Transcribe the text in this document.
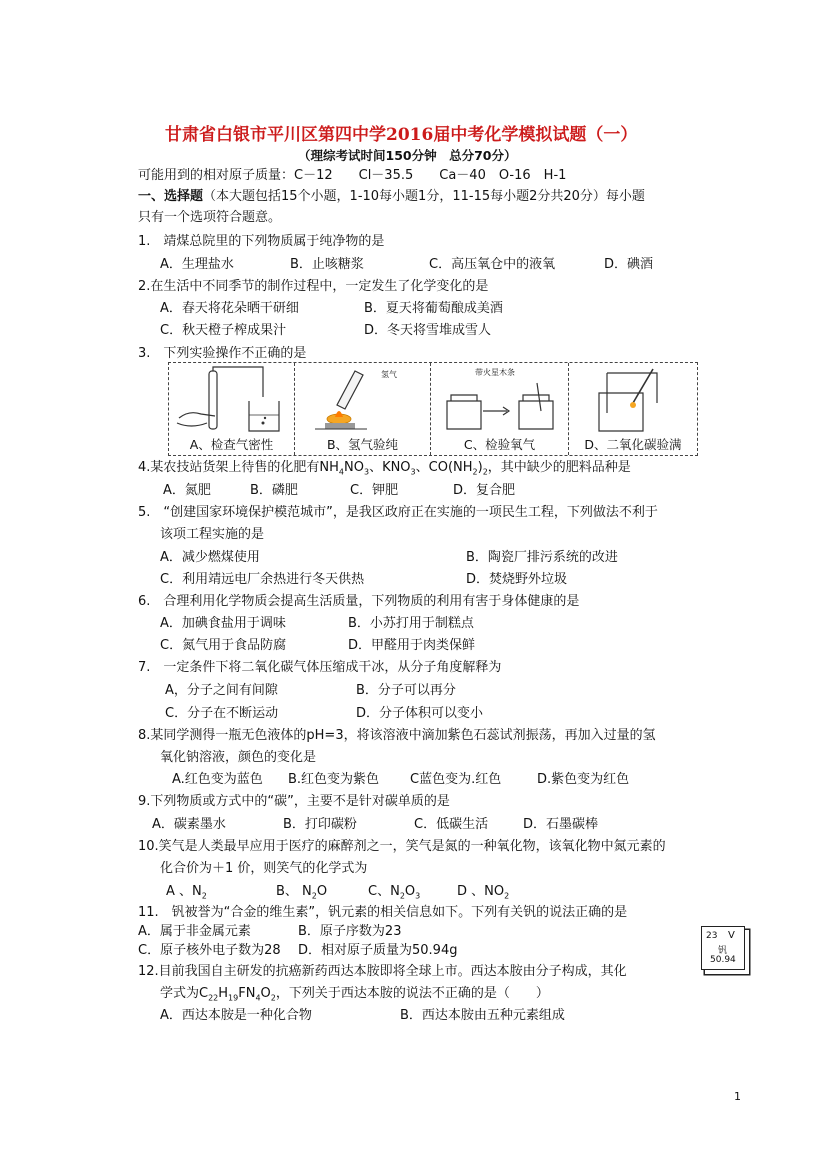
甘肃省白银市平川区第四中学2016届中考化学模拟试题（一）
（理综考试时间150分钟　总分70分）
可能用到的相对原子质量：C－12　　Cl－35.5　　Ca－40　O-16　H-1
一、选择题（本大题包括15个小题，1-10每小题1分，11-15每小题2分共20分）每小题
只有一个选项符合题意。
1.　靖煤总院里的下列物质属于纯净物的是
A．生理盐水	B．止咳糖浆	C．高压氧仓中的液氧	D．碘酒
2.在生活中不同季节的制作过程中，一定发生了化学变化的是
A．春天将花朵晒干研细	B．夏天将葡萄酿成美酒
C．秋天橙子榨成果汁	D．冬天将雪堆成雪人
3.　下列实验操作不正确的是
A、检查气密性
氢气
B、氢气验纯
带火星木条
C、检验氧气	D、二氧化碳验满
4.某农技站货架上待售的化肥有$NH_4NO_3$、$KNO_3$、$CO(NH_2)_2$，其中缺少的肥料品种是
A．氮肥	B．磷肥	C．钾肥	D．复合肥
5.　“创建国家环境保护模范城市”，是我区政府正在实施的一项民生工程，下列做法不利于
该项工程实施的是
A．减少燃煤使用	B．陶瓷厂排污系统的改进
C．利用靖远电厂余热进行冬天供热	D．焚烧野外垃圾
6.　合理利用化学物质会提高生活质量，下列物质的利用有害于身体健康的是
A．加碘食盐用于调味	B．小苏打用于制糕点
C．氮气用于食品防腐	D．甲醛用于肉类保鲜
7.　一定条件下将二氧化碳气体压缩成干冰，从分子角度解释为
A，分子之间有间隙	B．分子可以再分
C．分子在不断运动	D．分子体积可以变小
8.某同学测得一瓶无色液体的pH=3，将该溶液中滴加紫色石蕊试剂振荡，再加入过量的氢
氧化钠溶液，颜色的变化是
A.红色变为蓝色 B.红色变为紫色 C蓝色变为.红色	D.紫色变为红色
9.下列物质或方式中的“碳”，主要不是针对碳单质的是
A．碳素墨水	B．打印碳粉	C．低碳生活	D．石墨碳棒
10.笑气是人类最早应用于医疗的麻醉剂之一，笑气是氮的一种氧化物，该氧化物中氮元素的
化合价为＋1 价，则笑气的化学式为
A 、$N_2$	B、 $N_2O$	C、$N_2O_3$	D 、$NO_2$
11.　钒被誉为“合金的维生素”，钒元素的相关信息如下。下列有关钒的说法正确的是
A．属于非金属元素	B．原子序数为23
C．原子核外电子数为28 D．相对原子质量为50.94g
23 V
钒
50.94
12.目前我国自主研发的抗癌新药西达本胺即将全球上市。西达本胺由分子构成，其化
学式为$C_{22}H_{19}FN_4O_2$，下列关于西达本胺的说法不正确的是（　　）
A．西达本胺是一种化合物	B．西达本胺由五种元素组成
1
